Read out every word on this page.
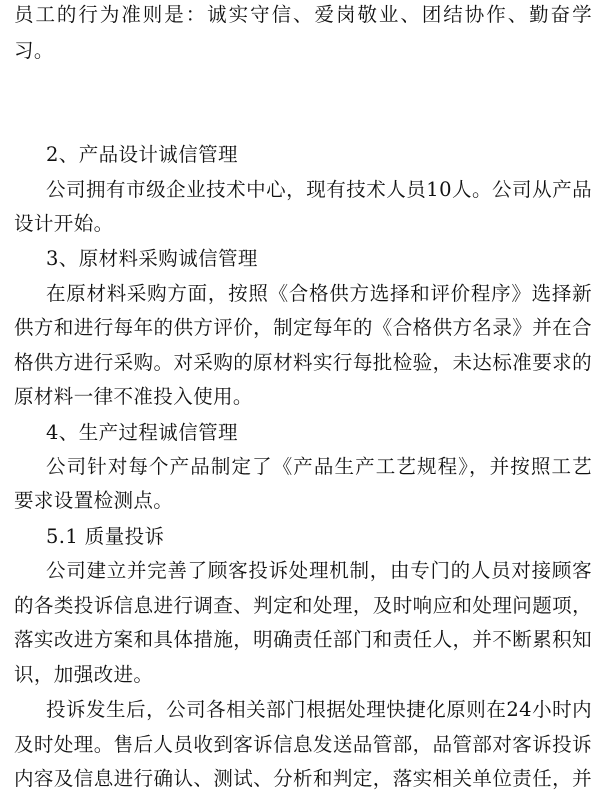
员工的行为准则是：诚实守信、爱岗敬业、团结协作、勤奋学
习。
2、产品设计诚信管理
公司拥有市级企业技术中心，现有技术人员10人。公司从产品
设计开始。
3、原材料采购诚信管理
在原材料采购方面，按照《合格供方选择和评价程序》选择新
供方和进行每年的供方评价，制定每年的《合格供方名录》并在合
格供方进行采购。对采购的原材料实行每批检验，未达标准要求的
原材料一律不准投入使用。
4、生产过程诚信管理
公司针对每个产品制定了《产品生产工艺规程》，并按照工艺
要求设置检测点。
5.1 质量投诉
公司建立并完善了顾客投诉处理机制，由专门的人员对接顾客
的各类投诉信息进行调查、判定和处理，及时响应和处理问题项，
落实改进方案和具体措施，明确责任部门和责任人，并不断累积知
识，加强改进。
投诉发生后，公司各相关部门根据处理快捷化原则在24小时内
及时处理。售后人员收到客诉信息发送品管部，品管部对客诉投诉
内容及信息进行确认、测试、分析和判定，落实相关单位责任，并
